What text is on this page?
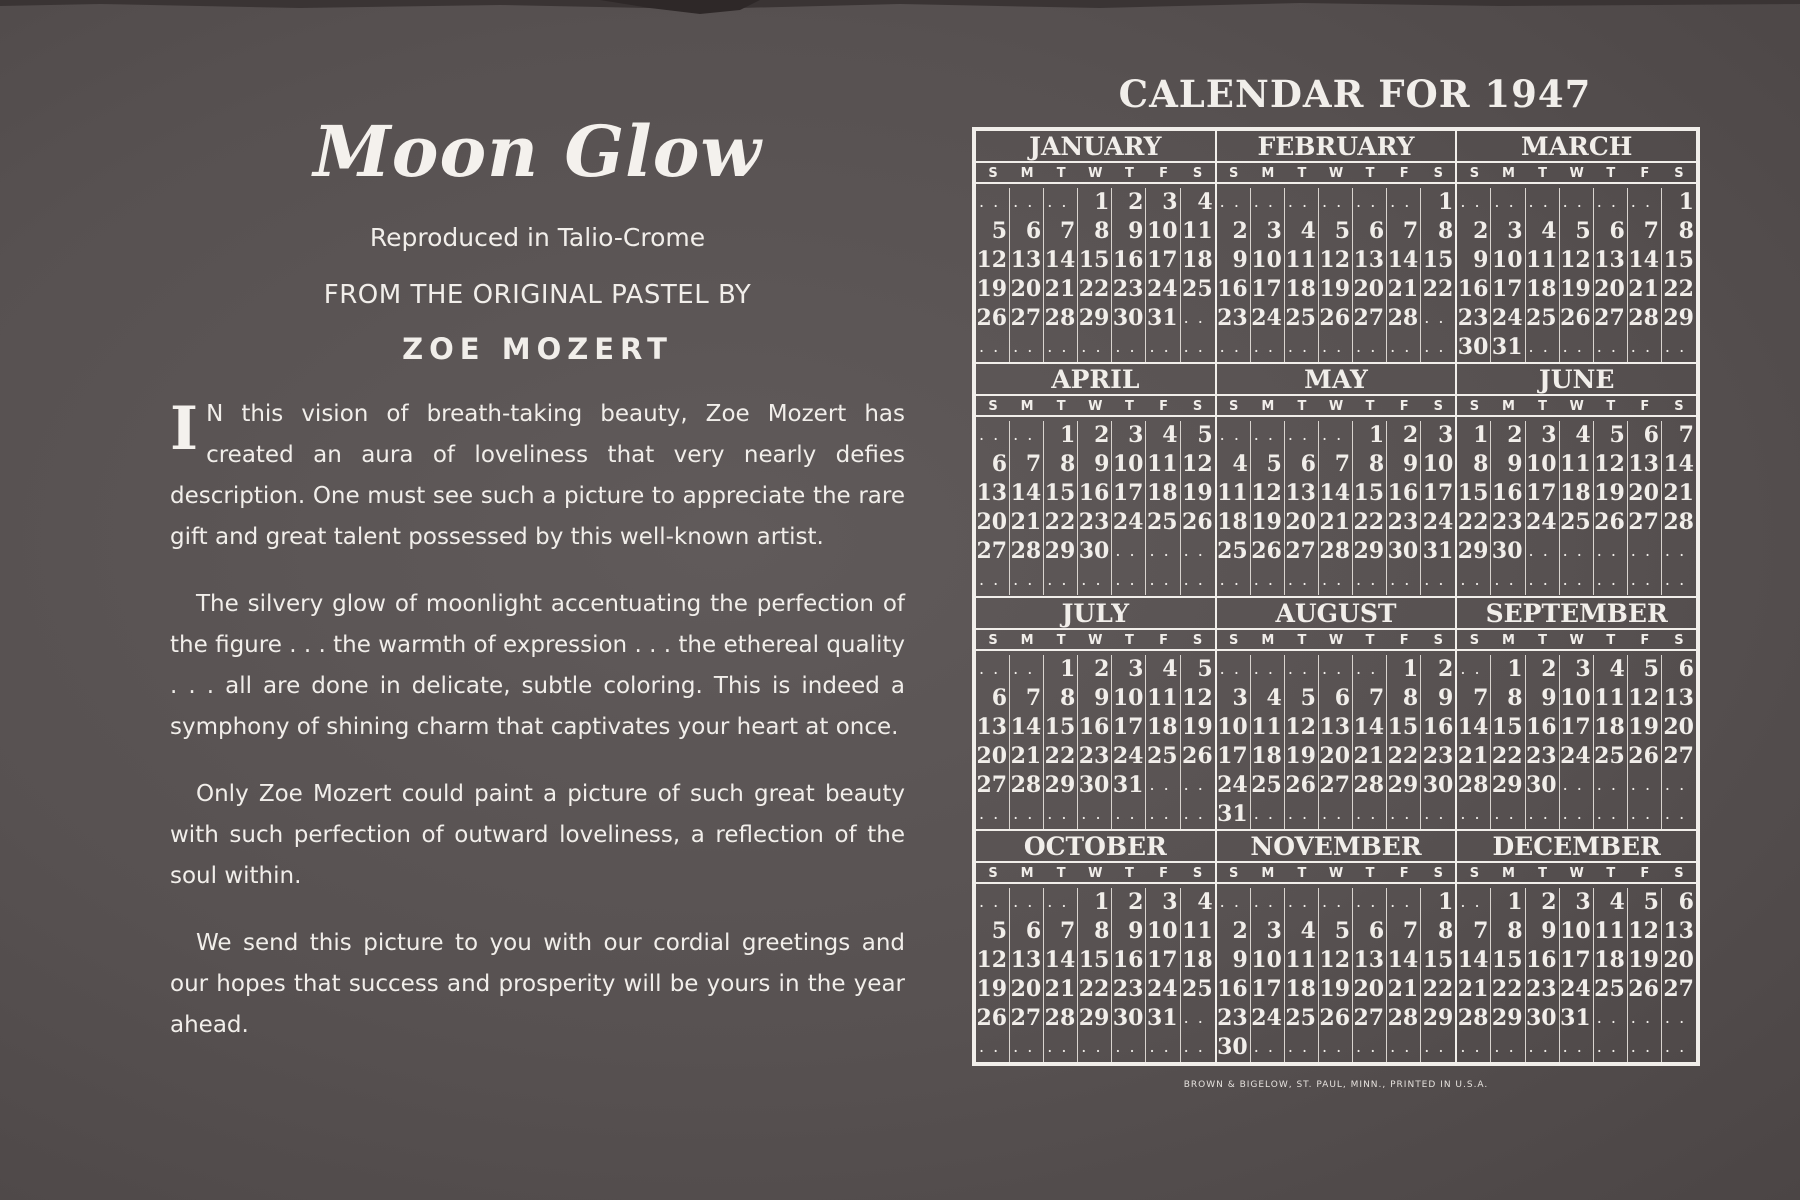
Moon Glow
Reproduced in Talio-Crome
FROM THE ORIGINAL PASTEL BY
ZOE MOZERT

I N this vision of breath-taking beauty, Zoe Mozert has created an aura of loveliness that very nearly defies description. One must see such a picture to appreciate the rare gift and great talent possessed by this well-known artist.

The silvery glow of moonlight accentuating the perfection of the figure . . . the warmth of expression . . . the ethereal quality . . . all are done in delicate, subtle coloring. This is indeed a symphony of shining charm that captivates your heart at once.

Only Zoe Mozert could paint a picture of such great beauty with such perfection of outward loveliness, a reflection of the soul within.

We send this picture to you with our cordial greetings and our hopes that success and prosperity will be yours in the year ahead.

CALENDAR FOR 1947
JANUARY
S	M	T	W	T	F	S
. . . . . .	1 2 3 4
5 6 7 8 9 10 11
12 13 14 15 16 17 18
19 20 21 22 23 24 25
26 27 28 29 30 31 . .
. . . . . . . . . . . . . .
FEBRUARY
S	M	T	W	T	F	S
. . . . . . . . . . . .	1
2 3 4 5 6 7 8
9 10 11 12 13 14 15
16 17 18 19 20 21 22
23 24 25 26 27 28 . .
. . . . . . . . . . . . . .
MARCH
S	M	T	W	T	F	S
. . . . . . . . . . . .	1
2 3 4 5 6 7 8
9 10 11 12 13 14 15
16 17 18 19 20 21 22
23 24 25 26 27 28 29
30 31 . . . . . . . . . .
APRIL
S	M	T	W	T	F	S
. . . .	1 2 3 4 5
6 7 8 9 10 11 12
13 14 15 16 17 18 19
20 21 22 23 24 25 26
27 28 29 30 . . . . . .
. . . . . . . . . . . . . .
MAY
S	M	T	W	T	F	S
. . . . . . . .	1 2 3
4 5 6 7 8 9 10
11 12 13 14 15 16 17
18 19 20 21 22 23 24
25 26 27 28 29 30 31
. . . . . . . . . . . . . .
JUNE
S	M	T	W	T	F	S
1 2 3 4 5 6 7
8 9 10 11 12 13 14
15 16 17 18 19 20 21
22 23 24 25 26 27 28
29 30 . . . . . . . . . .
. . . . . . . . . . . . . .
JULY
S	M	T	W	T	F	S
. . . .	1 2 3 4 5
6 7 8 9 10 11 12
13 14 15 16 17 18 19
20 21 22 23 24 25 26
27 28 29 30 31 . . . .
. . . . . . . . . . . . . .
AUGUST
S	M	T	W	T	F	S
. . . . . . . . . .	1 2
3 4 5 6 7 8 9
10 11 12 13 14 15 16
17 18 19 20 21 22 23
24 25 26 27 28 29 30
31 . . . . . . . . . . . .
SEPTEMBER
S	M	T	W	T	F	S
. .	1 2 3 4 5 6
7 8 9 10 11 12 13
14 15 16 17 18 19 20
21 22 23 24 25 26 27
28 29 30 . . . . . . . .
. . . . . . . . . . . . . .
OCTOBER
S	M	T	W	T	F	S
. . . . . .	1 2 3 4
5 6 7 8 9 10 11
12 13 14 15 16 17 18
19 20 21 22 23 24 25
26 27 28 29 30 31 . .
. . . . . . . . . . . . . .
NOVEMBER
S	M	T	W	T	F	S
. . . . . . . . . . . .	1
2 3 4 5 6 7 8
9 10 11 12 13 14 15
16 17 18 19 20 21 22
23 24 25 26 27 28 29
30 . . . . . . . . . . . .
DECEMBER
S	M	T	W	T	F	S
. .	1 2 3 4 5 6
7 8 9 10 11 12 13
14 15 16 17 18 19 20
21 22 23 24 25 26 27
28 29 30 31 . . . . . .
. . . . . . . . . . . . . .
BROWN & BIGELOW, ST. PAUL, MINN., PRINTED IN U.S.A.
